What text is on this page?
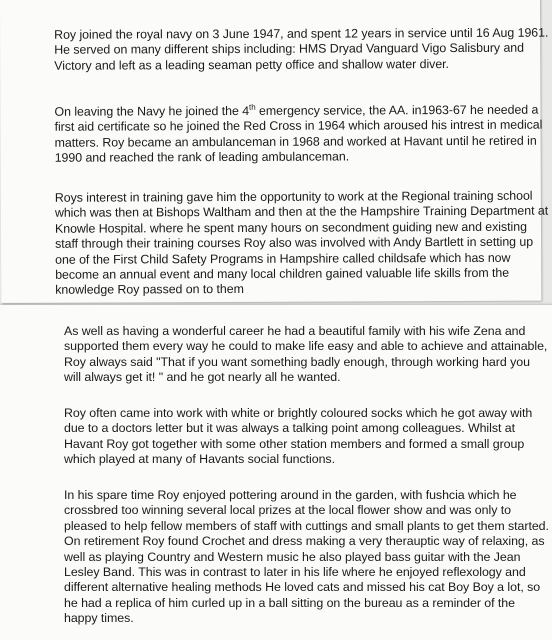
Roy joined the royal navy on 3 June 1947, and spent 12 years in service until 16 Aug 1961. He served on many different ships including: HMS Dryad Vanguard Vigo Salisbury and Victory and left as a leading seaman petty office and shallow water diver.

On leaving the Navy he joined the 4th emergency service, the AA. in1963-67 he needed a first aid certificate so he joined the Red Cross in 1964 which aroused his intrest in medical matters. Roy became an ambulanceman in 1968 and worked at Havant until he retired in 1990 and reached the rank of leading ambulanceman.

Roys interest in training gave him the opportunity to work at the Regional training school which was then at Bishops Waltham and then at the the Hampshire Training Department at Knowle Hospital. where he spent many hours on secondment guiding new and existing staff through their training courses Roy also was involved with Andy Bartlett in setting up one of the First Child Safety Programs in Hampshire called childsafe which has now become an annual event and many local children gained valuable life skills from the knowledge Roy passed on to them

As well as having a wonderful career he had a beautiful family with his wife Zena and supported them every way he could to make life easy and able to achieve and attainable, Roy always said "That if you want something badly enough, through working hard you will always get it! " and he got nearly all he wanted.

Roy often came into work with white or brightly coloured socks which he got away with due to a doctors letter but it was always a talking point among colleagues. Whilst at Havant Roy got together with some other station members and formed a small group which played at many of Havants social functions.

In his spare time Roy enjoyed pottering around in the garden, with fushcia which he crossbred too winning several local prizes at the local flower show and was only to pleased to help fellow members of staff with cuttings and small plants to get them started. On retirement Roy found Crochet and dress making a very therauptic way of relaxing, as well as playing Country and Western music he also played bass guitar with the Jean Lesley Band. This was in contrast to later in his life where he enjoyed reflexology and different alternative healing methods He loved cats and missed his cat Boy Boy a lot, so he had a replica of him curled up in a ball sitting on the bureau as a reminder of the happy times.
